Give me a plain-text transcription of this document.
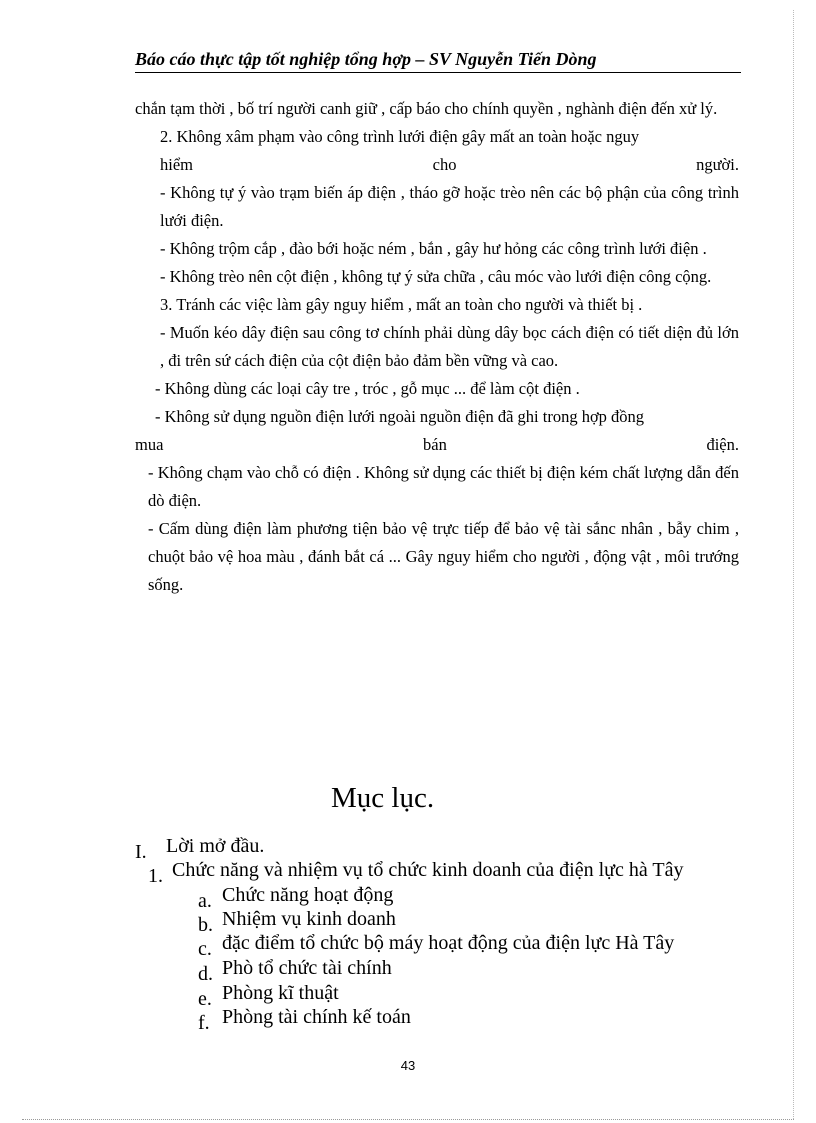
Báo cáo thực tập tốt nghiệp tổng hợp – SV Nguyễn Tiến Dòng

chắn tạm thời , bố trí người canh giữ , cấp báo cho chính quyền , nghành điện đến xử lý.

2. Không xâm phạm vào công trình lưới điện gây mất an toàn hoặc nguy
hiểm	cho	người.

- Không tự ý vào trạm biến áp điện , tháo gỡ hoặc trèo nên các bộ phận của công trình lưới điện.

- Không trộm cắp , đào bới hoặc ném , bắn , gây hư hỏng các công trình lưới điện .

- Không trèo nên cột điện , không tự ý sửa chữa , câu móc vào lưới điện công cộng.

3. Tránh các việc làm gây nguy hiểm , mất an toàn cho người và thiết bị .

- Muốn kéo dây điện sau công tơ chính phải dùng dây bọc cách điện có tiết diện đủ lớn , đi trên sứ cách điện của cột điện bảo đảm bền vững và cao.

- Không dùng các loại cây tre , tróc , gỗ mục ... để làm cột điện .

- Không sử dụng nguồn điện lưới ngoài nguồn điện đã ghi trong hợp đồng
mua	bán	điện.

- Không chạm vào chỗ có điện . Không sử dụng các thiết bị điện kém chất lượng dẫn đến dò điện.

- Cấm dùng điện làm phương tiện bảo vệ trực tiếp để bảo vệ tài sắnc nhân , bẫy chim , chuột bảo vệ hoa màu , đánh bắt cá ... Gây nguy hiểm cho người , động vật , môi trướng sống.

Mục lục.
I. Lời mở đầu.
1. Chức năng và nhiệm vụ tổ chức kinh doanh của điện lực hà Tây
a. Chức năng hoạt động
b. Nhiệm vụ kinh doanh
c. đặc điểm tổ chức bộ máy hoạt động của điện lực Hà Tây
d. Phò tổ chức tài chính
e. Phòng kĩ thuật
f. Phòng tài chính kế toán
43
